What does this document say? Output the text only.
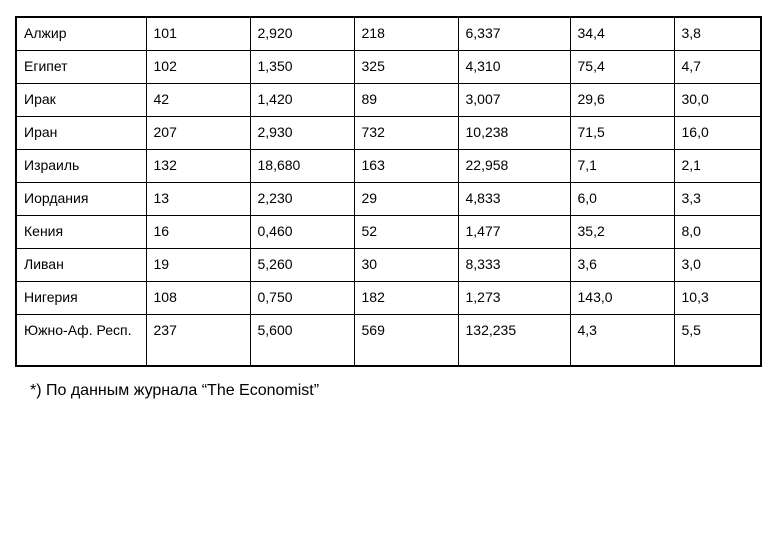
Алжир	101	2,920	218	6,337	34,4	3,8
Египет	102	1,350	325	4,310	75,4	4,7
Ирак	42	1,420	89	3,007	29,6	30,0
Иран	207	2,930	732	10,238	71,5	16,0
Израиль	132	18,680	163	22,958	7,1	2,1
Иордания	13	2,230	29	4,833	6,0	3,3
Кения	16	0,460	52	1,477	35,2	8,0
Ливан	19	5,260	30	8,333	3,6	3,0
Нигерия	108	0,750	182	1,273	143,0	10,3
Южно-Аф. Респ.	237	5,600	569	132,235	4,3	5,5
*) По данным журнала “The Economist”
